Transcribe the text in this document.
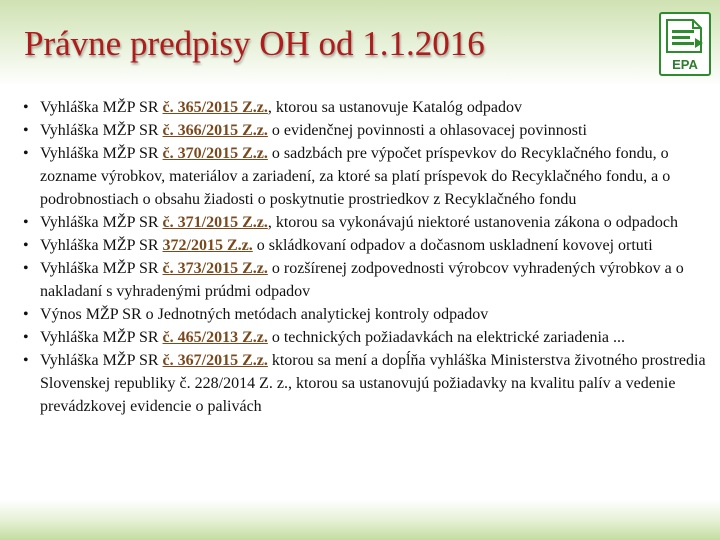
Právne predpisy OH od 1.1.2016
EPA
• Vyhláška MŽP SR č. 365/2015 Z.z., ktorou sa ustanovuje Katalóg odpadov
• Vyhláška MŽP SR č. 366/2015 Z.z. o evidenčnej povinnosti a ohlasovacej povinnosti
• Vyhláška MŽP SR č. 370/2015 Z.z. o sadzbách pre výpočet príspevkov do Recyklačného fondu, o zozname výrobkov, materiálov a zariadení, za ktoré sa platí príspevok do Recyklačného fondu, a o podrobnostiach o obsahu žiadosti o poskytnutie prostriedkov z Recyklačného fondu
• Vyhláška MŽP SR č. 371/2015 Z.z., ktorou sa vykonávajú niektoré ustanovenia zákona o odpadoch
• Vyhláška MŽP SR 372/2015 Z.z. o skládkovaní odpadov a dočasnom uskladnení kovovej ortuti
• Vyhláška MŽP SR č. 373/2015 Z.z. o rozšírenej zodpovednosti výrobcov vyhradených výrobkov a o nakladaní s vyhradenými prúdmi odpadov
• Výnos MŽP SR o Jednotných metódach analytickej kontroly odpadov
• Vyhláška MŽP SR č. 465/2013 Z.z. o technických požiadavkách na elektrické zariadenia ...
• Vyhláška MŽP SR č. 367/2015 Z.z. ktorou sa mení a dopĺňa vyhláška Ministerstva životného prostredia Slovenskej republiky č. 228/2014 Z. z., ktorou sa ustanovujú požiadavky na kvalitu palív a vedenie prevádzkovej evidencie o palivách
